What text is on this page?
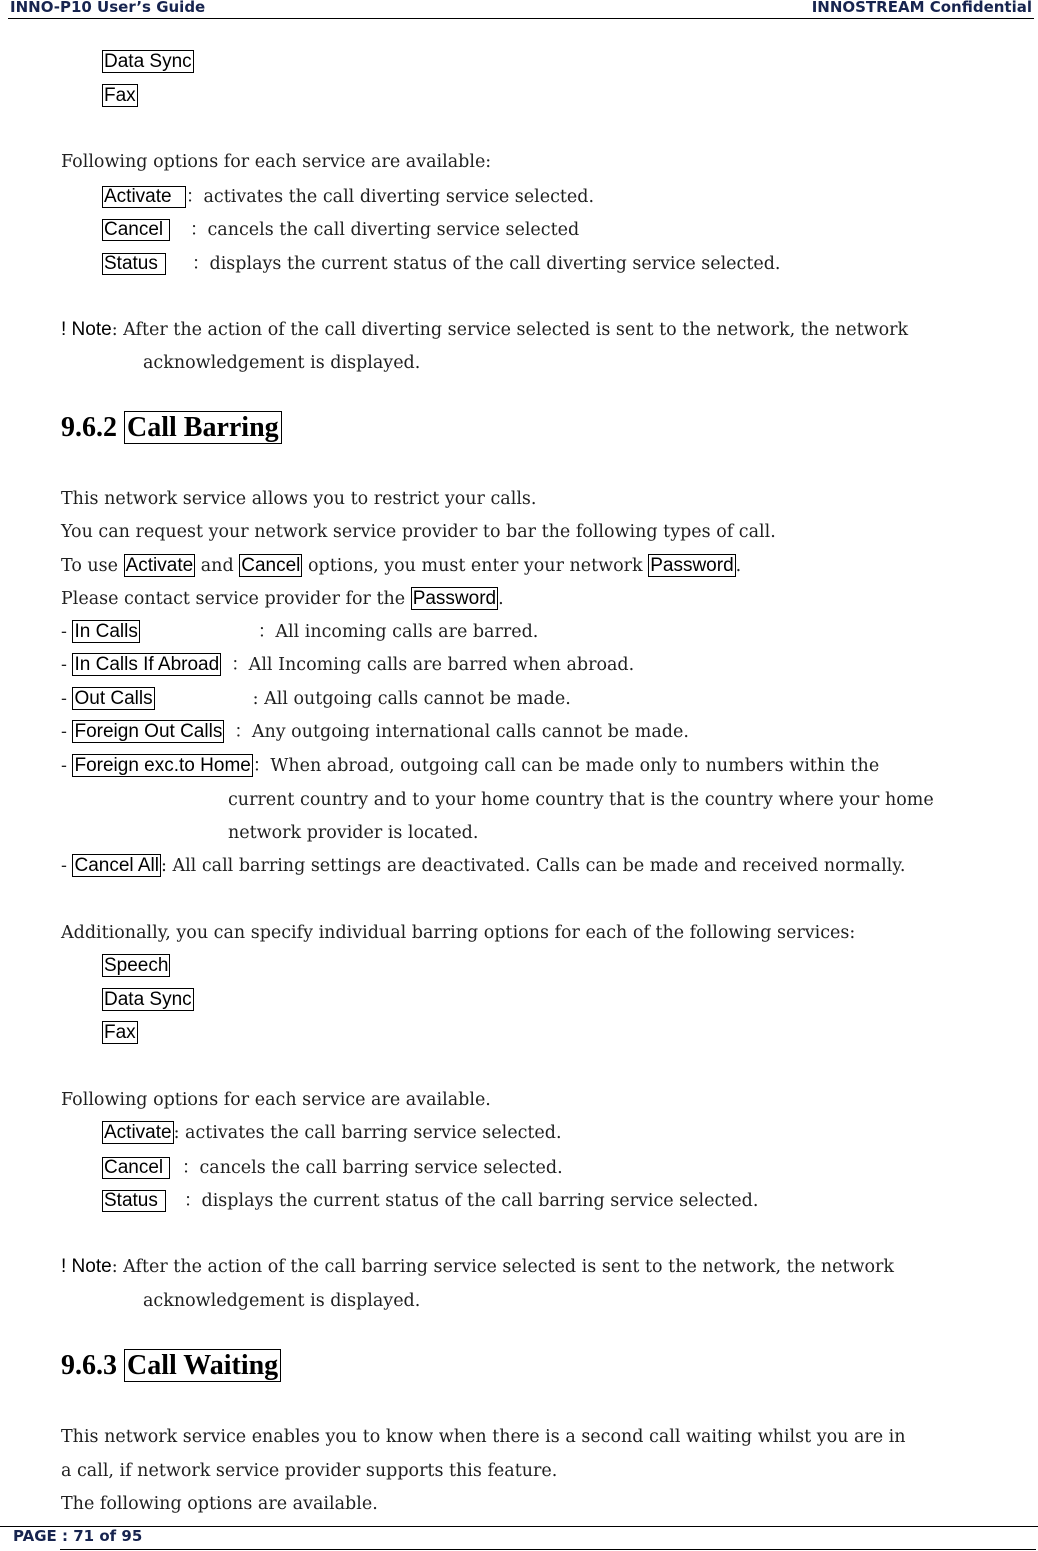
INNO-P10 User’s Guide	INNOSTREAM Confidential
Data Sync
Fax
Following options for each service are available:
Activate ：activates the call diverting service selected.
Cancel ：cancels the call diverting service selected
Status ：displays the current status of the call diverting service selected.
! Note: After the action of the call diverting service selected is sent to the network, the network
acknowledgement is displayed.
9.6.2 Call Barring
This network service allows you to restrict your calls.
You can request your network service provider to bar the following types of call.
To use Activate and Cancel options, you must enter your network Password .
Please contact service provider for the Password .
- In Calls	：All incoming calls are barred.
- In Calls If Abroad ：All Incoming calls are barred when abroad.
- Out Calls	: All outgoing calls cannot be made.
- Foreign Out Calls ：Any outgoing international calls cannot be made.
- Foreign exc.to Home ：When abroad, outgoing call can be made only to numbers within the
current country and to your home country that is the country where your home
network provider is located.
- Cancel All : All call barring settings are deactivated. Calls can be made and received normally.
Additionally, you can specify individual barring options for each of the following services:
Speech
Data Sync
Fax
Following options for each service are available.
Activate : activates the call barring service selected.
Cancel ：cancels the call barring service selected.
Status ：displays the current status of the call barring service selected.
! Note: After the action of the call barring service selected is sent to the network, the network
acknowledgement is displayed.
9.6.3 Call Waiting
This network service enables you to know when there is a second call waiting whilst you are in
a call, if network service provider supports this feature.
The following options are available.
PAGE : 71 of 95
